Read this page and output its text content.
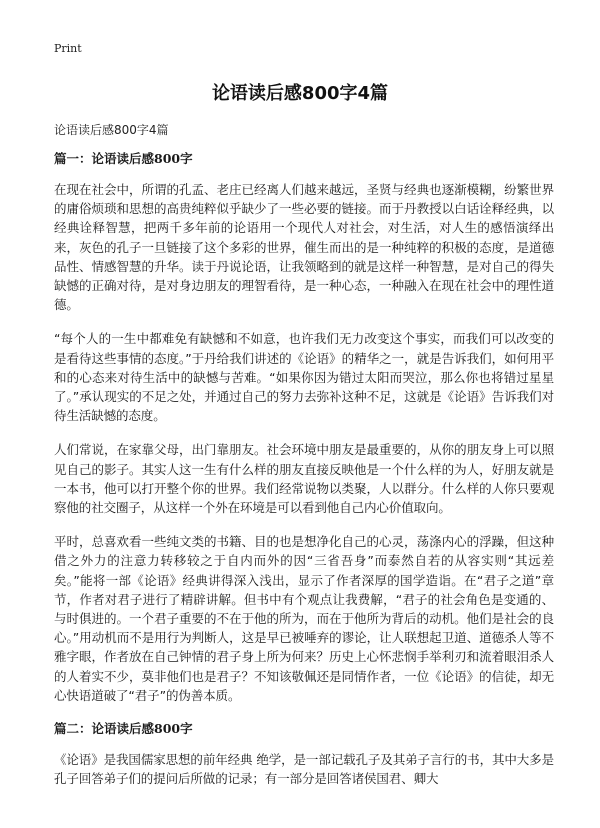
Print
论语读后感800字4篇
论语读后感800字4篇
篇一：论语读后感800字

在现在社会中，所谓的孔孟、老庄已经离人们越来越远，圣贤与经典也逐渐模糊，纷繁世界的庸俗烦琐和思想的高贵纯粹似乎缺少了一些必要的链接。而于丹教授以白话诠释经典，以经典诠释智慧，把两千多年前的论语用一个现代人对社会，对生活，对人生的感悟演绎出来，灰色的孔子一旦链接了这个多彩的世界，催生而出的是一种纯粹的积极的态度，是道德品性、情感智慧的升华。读于丹说论语，让我领略到的就是这样一种智慧，是对自己的得失缺憾的正确对待，是对身边朋友的理智看待，是一种心态，一种融入在现在社会中的理性道德。

“每个人的一生中都难免有缺憾和不如意，也许我们无力改变这个事实，而我们可以改变的是看待这些事情的态度。”于丹给我们讲述的《论语》的精华之一，就是告诉我们，如何用平和的心态来对待生活中的缺憾与苦难。“如果你因为错过太阳而哭泣，那么你也将错过星星了。”承认现实的不足之处，并通过自己的努力去弥补这种不足，这就是《论语》告诉我们对待生活缺憾的态度。

人们常说，在家靠父母，出门靠朋友。社会环境中朋友是最重要的，从你的朋友身上可以照见自己的影子。其实人这一生有什么样的朋友直接反映他是一个什么样的为人，好朋友就是一本书，他可以打开整个你的世界。我们经常说物以类聚，人以群分。什么样的人你只要观察他的社交圈子，从这样一个外在环境是可以看到他自己内心价值取向。

平时，总喜欢看一些纯文类的书籍、目的也是想净化自己的心灵，荡涤内心的浮躁，但这种借之外力的注意力转移较之于自内而外的因“三省吾身”而泰然自若的从容实则“其远差矣。”能将一部《论语》经典讲得深入浅出，显示了作者深厚的国学造诣。在“君子之道”章节，作者对君子进行了精辟讲解。但书中有个观点让我费解，“君子的社会角色是变通的、与时俱进的。一个君子重要的不在于他的所为，而在于他所为背后的动机。他们是社会的良心。”用动机而不是用行为判断人，这是早已被唾弃的谬论，让人联想起卫道、道德杀人等不雅字眼，作者放在自己钟情的君子身上所为何来？历史上心怀悲悯手举利刃和流着眼泪杀人的人着实不少，莫非他们也是君子？不知该敬佩还是同情作者，一位《论语》的信徒，却无心快语道破了“君子”的伪善本质。

篇二：论语读后感800字

《论语》是我国儒家思想的前年经典 绝学，是一部记载孔子及其弟子言行的书，其中大多是孔子回答弟子们的提问后所做的记录；有一部分是回答诸侯国君、卿大
